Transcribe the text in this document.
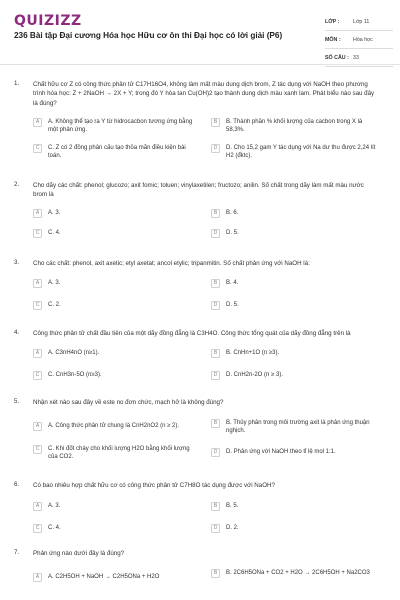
QUIZIZZ
236 Bài tập Đại cương Hóa học Hữu cơ ôn thi Đại học có lời giải (P6)
LỚP :	Lớp 11
MÔN :	Hóa học
SỐ CÂU : 33
1. Chất hữu cơ Z có công thức phân tử C17H16O4, không làm mất màu dung dịch brom, Z tác dụng với NaOH theo phương trình hóa học: Z + 2NaOH → 2X + Y; trong đó Y hòa tan Cu(OH)2 tạo thành dung dịch màu xanh lam. Phát biểu nào sau đây là đúng?
A	A. Không thể tạo ra Y từ hidrocacbon tương ứng bằng một phản ứng.
B	B. Thành phần % khối lượng của cacbon trong X là 58,3%.
C	C. Z có 2 đồng phân cấu tạo thỏa mãn điều kiện bài toán.
D	D. Cho 15,2 gam Y tác dụng với Na dư thu được 2,24 lít H2 (đktc).
2. Cho dãy các chất: phenol; glucozo; axit fomic; toluen; vinylaxetilen; fructozo; anilin. Số chất trong dãy làm mất màu nước brom là
A	A. 3.	B	B. 6.
C	C. 4.	D	D. 5.
3. Cho các chất: phenol, axit axetic; etyl axetat; ancol etylic; tripanmitin. Số chất phản ứng với NaOH là:
A	A. 3.	B	B. 4.
C	C. 2.	D	D. 5.
4. Công thức phân tử chất đầu tiên của một dãy đồng đẳng là C3H4O. Công thức tổng quát của dãy đồng đẳng trên là
A	A. C3nH4nO (n≥1).	B	B. CnHn+1O (n ≥3).
C	C. CnH3n-5O (n≥3).	D	D. CnH2n-2O (n ≥ 3).
5. Nhận xét nào sau đây về este no đơn chức, mạch hở là không đúng?
A	A. Công thức phân tử chung là CnH2nO2 (n ≥ 2).	B	B. Thủy phân trong môi trường axit là phản ứng thuận nghịch.
C	C. Khi đốt cháy cho khối lượng H2O bằng khối lượng của CO2.
D	D. Phản ứng với NaOH theo tỉ lệ mol 1:1.
6. Có bao nhiêu hợp chất hữu cơ có công thức phân tử C7H8O tác dụng được với NaOH?
A	A. 3.	B	B. 5.
C	C. 4.	D	D. 2.
7. Phản ứng nào dưới đây là đúng?
A	A. C2H5OH + NaOH → C2H5ONa + H2O
B	B. 2C6H5ONa + CO2 + H2O → 2C6H5OH + Na2CO3
